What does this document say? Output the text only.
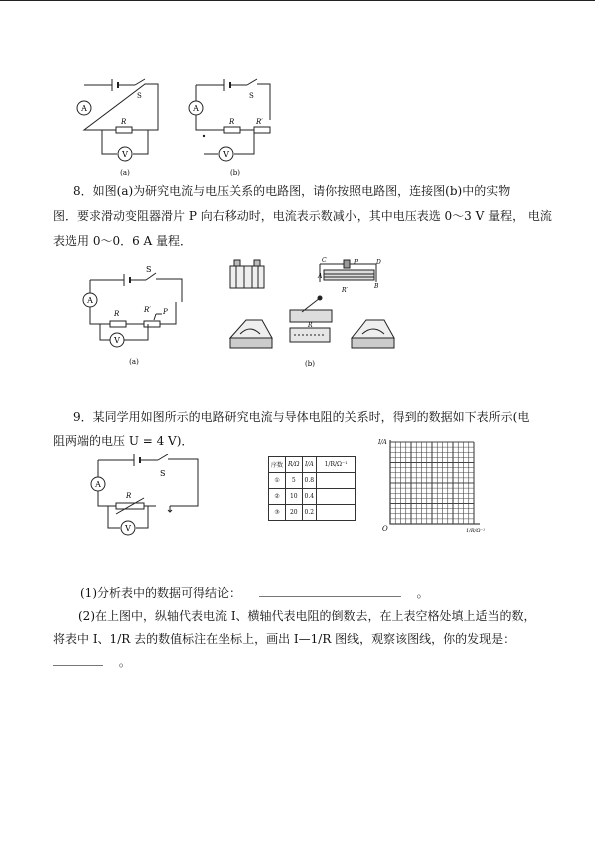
A
S
R
V
(a)
A
S
R	R′
V
(b)
8．如图(a)为研究电流与电压关系的电路图，请你按照电路图，连接图(b)中的实物
图．要求滑动变阻器滑片 P 向右移动时，电流表示数减小，其中电压表选 0～3 V 量程， 电流
表选用 0～0．6 A 量程．
A
S
R	R′ P
V
(a)
C	P	D
A
B
R′
R
(b)
9．某同学用如图所示的电路研究电流与导体电阻的关系时，得到的数据如下表所示(电
阻两端的电压 U = 4 V)．
A
S
R
V
序数	R/Ω	I/A	1/R/Ω⁻¹
①	5	0.8	
②	10	0.4	
③	20	0.2	
I/A
O	1/R/Ω⁻¹
(1)分析表中的数据可得结论：	。
(2)在上图中，纵轴代表电流 I、横轴代表电阻的倒数去，在上表空格处填上适当的数，
将表中 I、1/R 去的数值标注在坐标上，画出 I—1/R 图线，观察该图线，你的发现是：
。
